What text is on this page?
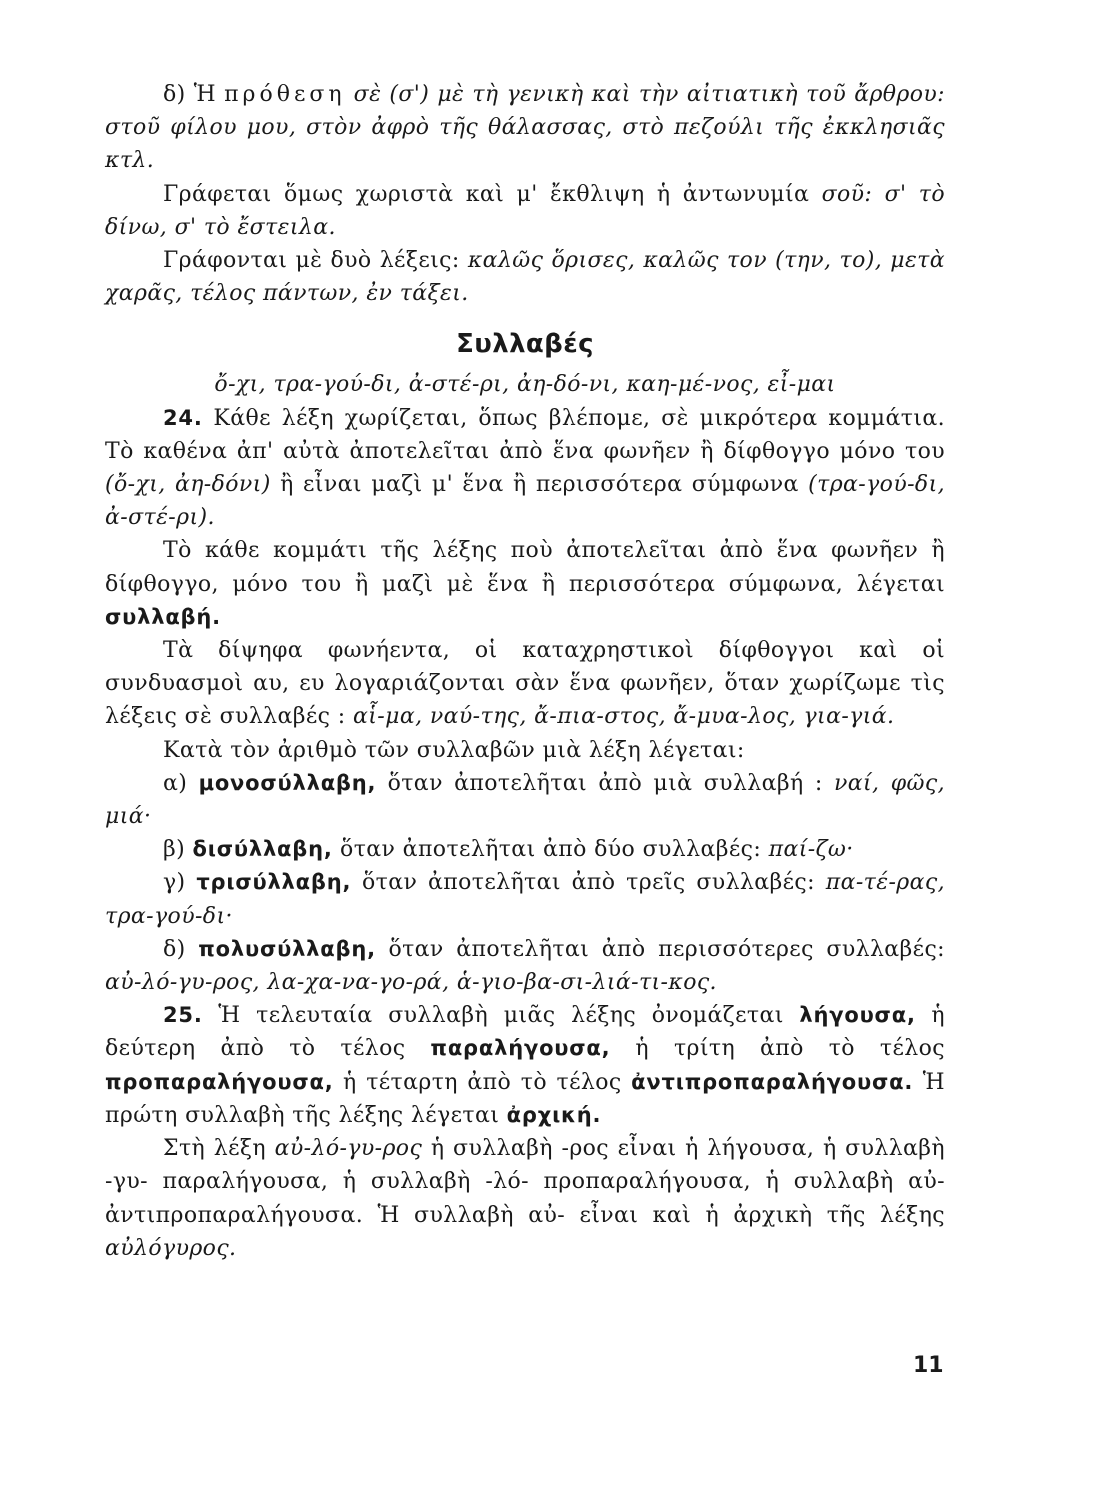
δ) Ἡ πρόθεση σὲ (σ') μὲ τὴ γενικὴ καὶ τὴν αἰτιατικὴ τοῦ ἄρθρου: στοῦ φίλου μου, στὸν ἀφρὸ τῆς θάλασσας, στὸ πεζούλι τῆς ἐκκλησιᾶς κτλ.

Γράφεται ὅμως χωριστὰ καὶ μ' ἔκθλιψη ἡ ἀντωνυμία σοῦ: σ' τὸ δίνω, σ' τὸ ἔστειλα.

Γράφονται μὲ δυὸ λέξεις: καλῶς ὅρισες, καλῶς τον (την, το), μετὰ χαρᾶς, τέλος πάντων, ἐν τάξει.

Συλλαβές

ὄ-χι, τρα-γού-δι, ἀ-στέ-ρι, ἀη-δό-νι, καη-μέ-νος, εἶ-μαι

24. Κάθε λέξη χωρίζεται, ὅπως βλέπομε, σὲ μικρότερα κομμάτια. Τὸ καθένα ἀπ' αὐτὰ ἀποτελεῖται ἀπὸ ἕνα φωνῆεν ἢ δίφθογγο μόνο του (ὄ-χι, ἀη-δόνι) ἢ εἶναι μαζὶ μ' ἕνα ἢ περισσότερα σύμφωνα (τρα-γού-δι, ἀ-στέ-ρι).

Τὸ κάθε κομμάτι τῆς λέξης ποὺ ἀποτελεῖται ἀπὸ ἕνα φωνῆεν ἢ δίφθογγο, μόνο του ἢ μαζὶ μὲ ἕνα ἢ περισσότερα σύμφωνα, λέγεται συλλαβή.

Τὰ δίψηφα φωνήεντα, οἱ καταχρηστικοὶ δίφθογγοι καὶ οἱ συνδυασμοὶ αυ, ευ λογαριάζονται σὰν ἕνα φωνῆεν, ὅταν χωρίζωμε τὶς λέξεις σὲ συλλαβές : αἷ-μα, ναύ-της, ἄ-πια-στος, ἄ-μυα-λος, για-γιά.

Κατὰ τὸν ἀριθμὸ τῶν συλλαβῶν μιὰ λέξη λέγεται:

α) μονοσύλλαβη, ὅταν ἀποτελῆται ἀπὸ μιὰ συλλαβή : ναί, φῶς, μιά·

β) δισύλλαβη, ὅταν ἀποτελῆται ἀπὸ δύο συλλαβές: παί-ζω·

γ) τρισύλλαβη, ὅταν ἀποτελῆται ἀπὸ τρεῖς συλλαβές: πα-τέ-ρας, τρα-γού-δι·

δ) πολυσύλλαβη, ὅταν ἀποτελῆται ἀπὸ περισσότερες συλλαβές: αὐ-λό-γυ-ρος, λα-χα-να-γο-ρά, ἁ-γιο-βα-σι-λιά-τι-κος.

25. Ἡ τελευταία συλλαβὴ μιᾶς λέξης ὀνομάζεται λήγουσα, ἡ δεύτερη ἀπὸ τὸ τέλος παραλήγουσα, ἡ τρίτη ἀπὸ τὸ τέλος προπαραλήγουσα, ἡ τέταρτη ἀπὸ τὸ τέλος ἀντιπροπαραλήγουσα. Ἡ πρώτη συλλαβὴ τῆς λέξης λέγεται ἀρχική.

Στὴ λέξη αὐ-λό-γυ-ρος ἡ συλλαβὴ -ρος εἶναι ἡ λήγουσα, ἡ συλλαβὴ -γυ- παραλήγουσα, ἡ συλλαβὴ -λό- προπαραλήγουσα, ἡ συλλαβὴ αὐ- ἀντιπροπαραλήγουσα. Ἡ συλλαβὴ αὐ- εἶναι καὶ ἡ ἀρχικὴ τῆς λέξης αὐλόγυρος.

11
